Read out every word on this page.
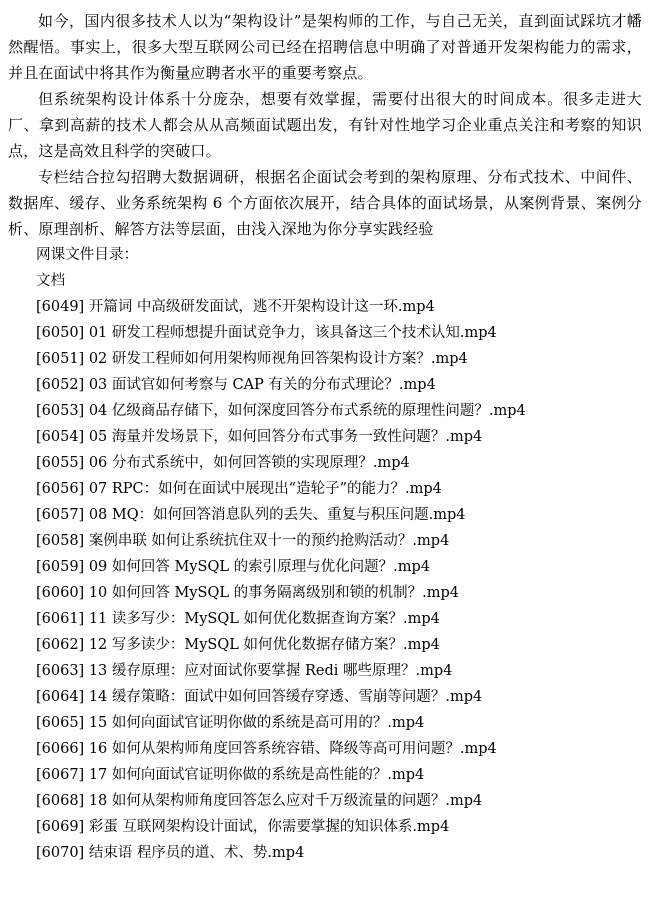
如今，国内很多技术人以为“架构设计”是架构师的工作，与自己无关，直到面试踩坑才幡然醒悟。事实上，很多大型互联网公司已经在招聘信息中明确了对普通开发架构能力的需求，并且在面试中将其作为衡量应聘者水平的重要考察点。

但系统架构设计体系十分庞杂，想要有效掌握，需要付出很大的时间成本。很多走进大厂、拿到高薪的技术人都会从从高频面试题出发，有针对性地学习企业重点关注和考察的知识点，这是高效且科学的突破口。

专栏结合拉勾招聘大数据调研，根据名企面试会考到的架构原理、分布式技术、中间件、数据库、缓存、业务系统架构 6 个方面依次展开，结合具体的面试场景，从案例背景、案例分析、原理剖析、解答方法等层面，由浅入深地为你分享实践经验

网课文件目录：

文档

[6049] 开篇词 中高级研发面试，逃不开架构设计这一环.mp4
[6050] 01 研发工程师想提升面试竞争力，该具备这三个技术认知.mp4
[6051] 02 研发工程师如何用架构师视角回答架构设计方案？.mp4
[6052] 03 面试官如何考察与 CAP 有关的分布式理论？.mp4
[6053] 04 亿级商品存储下，如何深度回答分布式系统的原理性问题？.mp4
[6054] 05 海量并发场景下，如何回答分布式事务一致性问题？.mp4
[6055] 06 分布式系统中，如何回答锁的实现原理？.mp4
[6056] 07 RPC：如何在面试中展现出“造轮子”的能力？.mp4
[6057] 08 MQ：如何回答消息队列的丢失、重复与积压问题.mp4
[6058] 案例串联 如何让系统抗住双十一的预约抢购活动？.mp4
[6059] 09 如何回答 MySQL 的索引原理与优化问题？.mp4
[6060] 10 如何回答 MySQL 的事务隔离级别和锁的机制？.mp4
[6061] 11 读多写少：MySQL 如何优化数据查询方案？.mp4
[6062] 12 写多读少：MySQL 如何优化数据存储方案？.mp4
[6063] 13 缓存原理：应对面试你要掌握 Redi 哪些原理？.mp4
[6064] 14 缓存策略：面试中如何回答缓存穿透、雪崩等问题？.mp4
[6065] 15 如何向面试官证明你做的系统是高可用的？.mp4
[6066] 16 如何从架构师角度回答系统容错、降级等高可用问题？.mp4
[6067] 17 如何向面试官证明你做的系统是高性能的？.mp4
[6068] 18 如何从架构师角度回答怎么应对千万级流量的问题？.mp4
[6069] 彩蛋 互联网架构设计面试，你需要掌握的知识体系.mp4
[6070] 结束语 程序员的道、术、势.mp4
